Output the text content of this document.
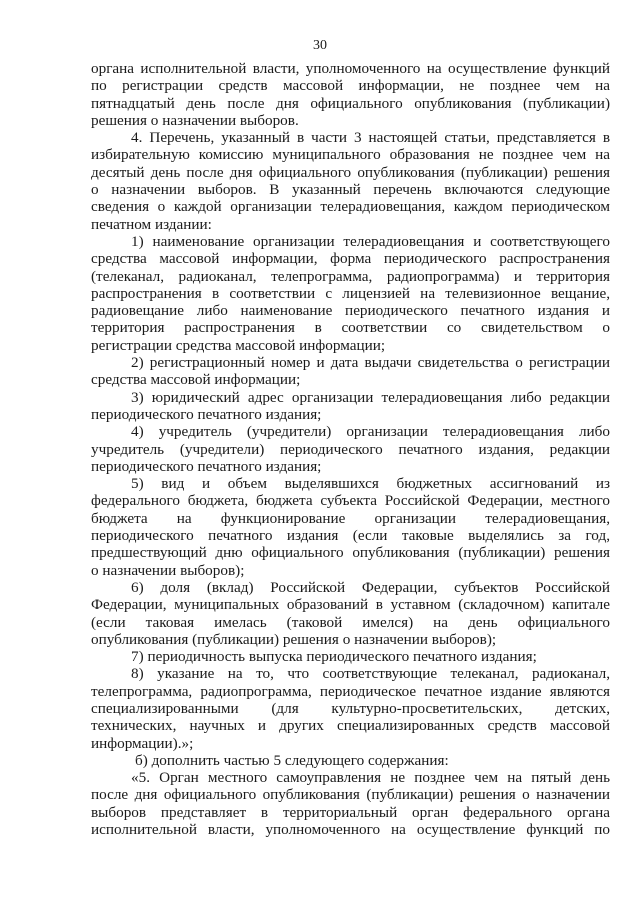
30
органа исполнительной власти, уполномоченного на осуществление функций
по регистрации средств массовой информации, не позднее чем на
пятнадцатый день после дня официального опубликования (публикации)
решения о назначении выборов.
4. Перечень, указанный в части 3 настоящей статьи, представляется в
избирательную комиссию муниципального образования не позднее чем на
десятый день после дня официального опубликования (публикации) решения
о назначении выборов. В указанный перечень включаются следующие
сведения о каждой организации телерадиовещания, каждом периодическом
печатном издании:
1) наименование организации телерадиовещания и соответствующего
средства массовой информации, форма периодического распространения
(телеканал, радиоканал, телепрограмма, радиопрограмма) и территория
распространения в соответствии с лицензией на телевизионное вещание,
радиовещание либо наименование периодического печатного издания и
территория распространения в соответствии со свидетельством о
регистрации средства массовой информации;
2) регистрационный номер и дата выдачи свидетельства о регистрации
средства массовой информации;
3) юридический адрес организации телерадиовещания либо редакции
периодического печатного издания;
4) учредитель (учредители) организации телерадиовещания либо
учредитель (учредители) периодического печатного издания, редакции
периодического печатного издания;
5) вид и объем выделявшихся бюджетных ассигнований из
федерального бюджета, бюджета субъекта Российской Федерации, местного
бюджета на функционирование организации телерадиовещания,
периодического печатного издания (если таковые выделялись за год,
предшествующий дню официального опубликования (публикации) решения
о назначении выборов);
6) доля (вклад) Российской Федерации, субъектов Российской
Федерации, муниципальных образований в уставном (складочном) капитале
(если таковая имелась (таковой имелся) на день официального
опубликования (публикации) решения о назначении выборов);
7) периодичность выпуска периодического печатного издания;
8) указание на то, что соответствующие телеканал, радиоканал,
телепрограмма, радиопрограмма, периодическое печатное издание являются
специализированными (для культурно-просветительских, детских,
технических, научных и других специализированных средств массовой
информации).»;
б) дополнить частью 5 следующего содержания:
«5. Орган местного самоуправления не позднее чем на пятый день
после дня официального опубликования (публикации) решения о назначении
выборов представляет в территориальный орган федерального органа
исполнительной власти, уполномоченного на осуществление функций по
